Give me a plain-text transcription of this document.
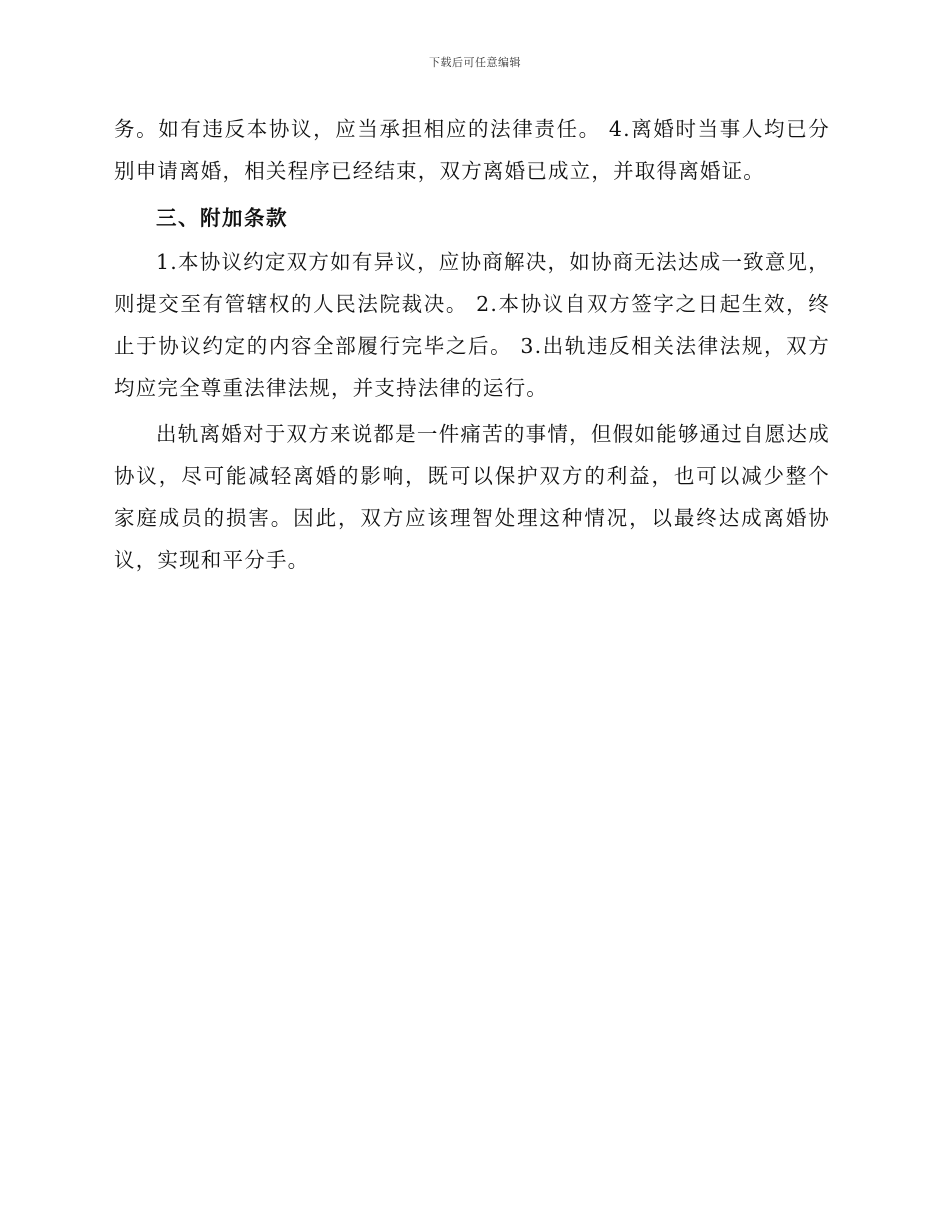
下载后可任意编辑

务。如有违反本协议，应当承担相应的法律责任。 4.离婚时当事人均已分别申请离婚，相关程序已经结束，双方离婚已成立，并取得离婚证。

三、附加条款

1.本协议约定双方如有异议，应协商解决，如协商无法达成一致意见，则提交至有管辖权的人民法院裁决。 2.本协议自双方签字之日起生效，终止于协议约定的内容全部履行完毕之后。 3.出轨违反相关法律法规，双方均应完全尊重法律法规，并支持法律的运行。

出轨离婚对于双方来说都是一件痛苦的事情，但假如能够通过自愿达成协议，尽可能减轻离婚的影响，既可以保护双方的利益，也可以减少整个家庭成员的损害。因此，双方应该理智处理这种情况，以最终达成离婚协议，实现和平分手。
